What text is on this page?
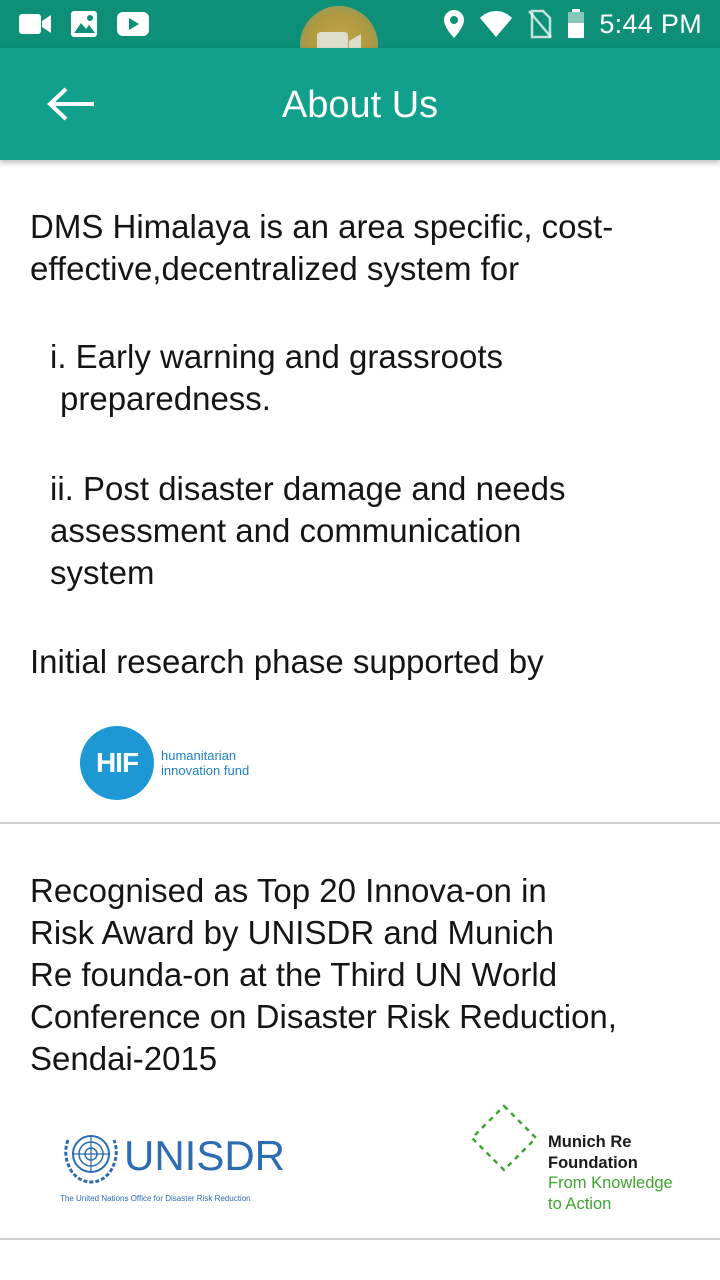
5:44 PM
About Us
DMS Himalaya is an area specific, cost-effective,decentralized system for
i. Early warning and grassroots
preparedness.
ii. Post disaster damage and needs
assessment and communication
system
Initial research phase supported by
HIF	humanitarian
innovation fund
Recognised as Top 20 Innova-on in
Risk Award by UNISDR and Munich
Re founda-on at the Third UN World
Conference on Disaster Risk Reduction,
Sendai-2015
UNISDR
The United Nations Office for Disaster Risk Reduction
Munich Re
Foundation
From Knowledge
to Action
